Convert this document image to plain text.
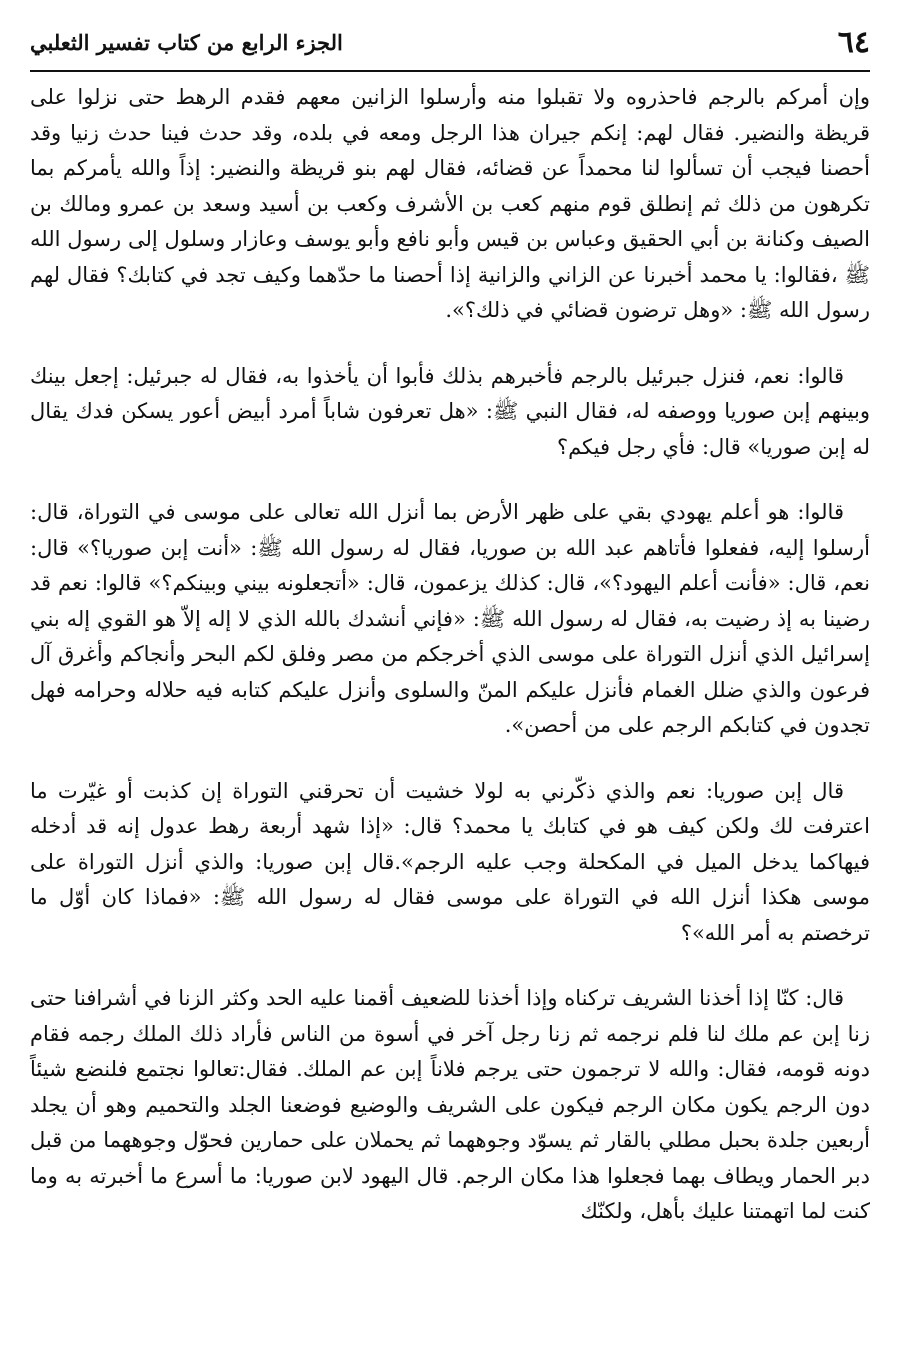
٦٤
الجزء الرابع من كتاب تفسير الثعلبي

وإن أمركم بالرجم فاحذروه ولا تقبلوا منه وأرسلوا الزانين معهم فقدم الرهط حتى نزلوا على قريظة والنضير. فقال لهم: إنكم جيران هذا الرجل ومعه في بلده، وقد حدث فينا حدث زنيا وقد أحصنا فيجب أن تسألوا لنا محمداً عن قضائه، فقال لهم بنو قريظة والنضير: إذاً والله يأمركم بما تكرهون من ذلك ثم إنطلق قوم منهم كعب بن الأشرف وكعب بن أسيد وسعد بن عمرو ومالك بن الصيف وكنانة بن أبي الحقيق وعباس بن قيس وأبو نافع وأبو يوسف وعازار وسلول إلى رسول الله ﷺ ،فقالوا: يا محمد أخبرنا عن الزاني والزانية إذا أحصنا ما حدّهما وكيف تجد في كتابك؟ فقال لهم رسول الله ﷺ: «وهل ترضون قضائي في ذلك؟».

قالوا: نعم، فنزل جبرئيل بالرجم فأخبرهم بذلك فأبوا أن يأخذوا به، فقال له جبرئيل: إجعل بينك وبينهم إبن صوريا ووصفه له، فقال النبي ﷺ: «هل تعرفون شاباً أمرد أبيض أعور يسكن فدك يقال له إبن صوريا» قال: فأي رجل فيكم؟

قالوا: هو أعلم يهودي بقي على ظهر الأرض بما أنزل الله تعالى على موسى في التوراة، قال: أرسلوا إليه، ففعلوا فأتاهم عبد الله بن صوريا، فقال له رسول الله ﷺ: «أنت إبن صوريا؟» قال: نعم، قال: «فأنت أعلم اليهود؟»، قال: كذلك يزعمون، قال: «أتجعلونه بيني وبينكم؟» قالوا: نعم قد رضينا به إذ رضيت به، فقال له رسول الله ﷺ: «فإني أنشدك بالله الذي لا إله إلاّ هو القوي إله بني إسرائيل الذي أنزل التوراة على موسى الذي أخرجكم من مصر وفلق لكم البحر وأنجاكم وأغرق آل فرعون والذي ضلل الغمام فأنزل عليكم المنّ والسلوى وأنزل عليكم كتابه فيه حلاله وحرامه فهل تجدون في كتابكم الرجم على من أحصن».

قال إبن صوريا: نعم والذي ذكّرني به لولا خشيت أن تحرقني التوراة إن كذبت أو غيّرت ما اعترفت لك ولكن كيف هو في كتابك يا محمد؟ قال: «إذا شهد أربعة رهط عدول إنه قد أدخله فيهاكما يدخل الميل في المكحلة وجب عليه الرجم».قال إبن صوريا: والذي أنزل التوراة على موسى هكذا أنزل الله في التوراة على موسى فقال له رسول الله ﷺ: «فماذا كان أوّل ما ترخصتم به أمر الله»؟

قال: كنّا إذا أخذنا الشريف تركناه وإذا أخذنا للضعيف أقمنا عليه الحد وكثر الزنا في أشرافنا حتى زنا إبن عم ملك لنا فلم نرجمه ثم زنا رجل آخر في أسوة من الناس فأراد ذلك الملك رجمه فقام دونه قومه، فقال: والله لا ترجمون حتى يرجم فلاناً إبن عم الملك. فقال:تعالوا نجتمع فلنضع شيئاً دون الرجم يكون مكان الرجم فيكون على الشريف والوضيع فوضعنا الجلد والتحميم وهو أن يجلد أربعين جلدة بحبل مطلي بالقار ثم يسوّد وجوههما ثم يحملان على حمارين فحوّل وجوههما من قبل دبر الحمار ويطاف بهما فجعلوا هذا مكان الرجم. قال اليهود لابن صوريا: ما أسرع ما أخبرته به وما كنت لما اتهمتنا عليك بأهل، ولكنّك
